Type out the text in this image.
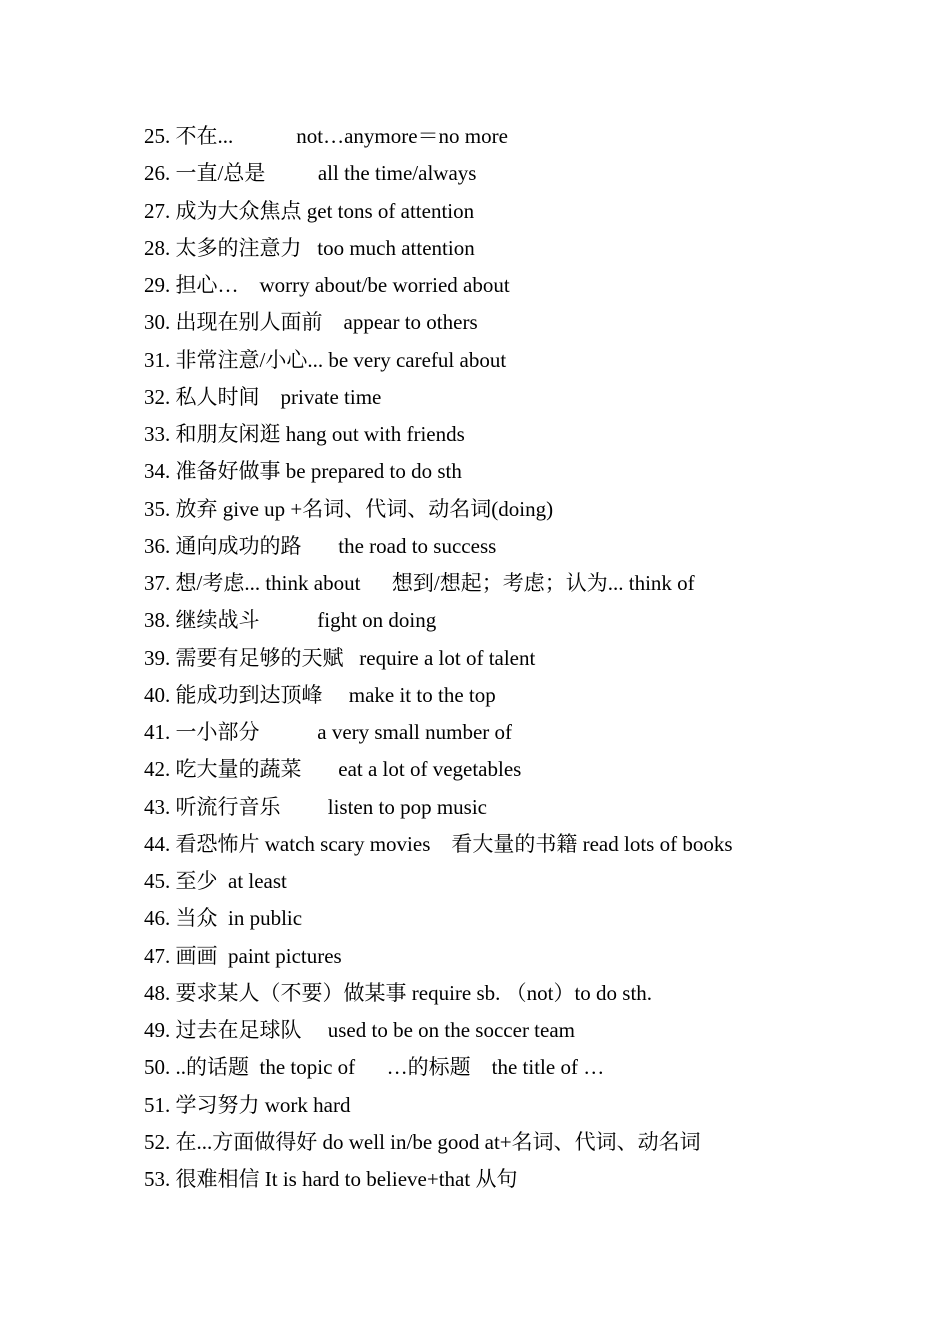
25. 不在...            not…anymore＝no more
26. 一直/总是          all the time/always
27. 成为大众焦点 get tons of attention
28. 太多的注意力   too much attention
29. 担心…    worry about/be worried about
30. 出现在别人面前    appear to others
31. 非常注意/小心... be very careful about
32. 私人时间    private time
33. 和朋友闲逛 hang out with friends
34. 准备好做事 be prepared to do sth
35. 放弃 give up +名词、代词、动名词(doing)
36. 通向成功的路       the road to success
37. 想/考虑... think about      想到/想起；考虑；认为... think of
38. 继续战斗           fight on doing
39. 需要有足够的天赋   require a lot of talent
40. 能成功到达顶峰     make it to the top
41. 一小部分           a very small number of
42. 吃大量的蔬菜       eat a lot of vegetables
43. 听流行音乐         listen to pop music
44. 看恐怖片 watch scary movies    看大量的书籍 read lots of books
45. 至少  at least
46. 当众  in public
47. 画画  paint pictures
48. 要求某人（不要）做某事 require sb. （not）to do sth.
49. 过去在足球队     used to be on the soccer team
50. ..的话题  the topic of      …的标题    the title of …
51. 学习努力 work hard
52. 在...方面做得好 do well in/be good at+名词、代词、动名词
53. 很难相信 It is hard to believe+that 从句
